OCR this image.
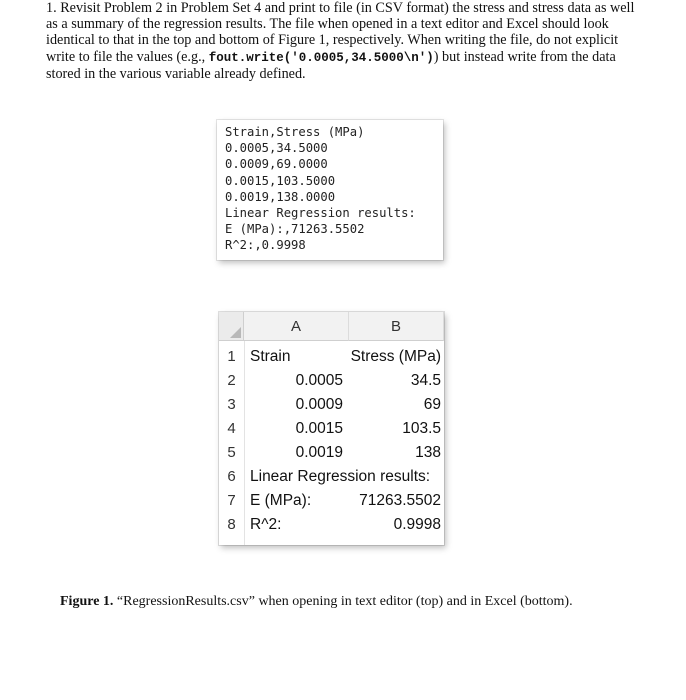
1. Revisit Problem 2 in Problem Set 4 and print to file (in CSV format) the stress and stress data as well as a summary of the regression results. The file when opened in a text editor and Excel should look identical to that in the top and bottom of Figure 1, respectively. When writing the file, do not explicit write to file the values (e.g., fout.write('0.0005,34.5000\n')) but instead write from the data stored in the various variable already defined.
Strain,Stress (MPa)
0.0005,34.5000
0.0009,69.0000
0.0015,103.5000
0.0019,138.0000
Linear Regression results:
E (MPa):,71263.5502
R^2:,0.9998
A	B
1 Strain	Stress (MPa)
2	0.0005	34.5
3	0.0009	69
4	0.0015	103.5
5	0.0019	138
6 Linear Regression results:
7 E (MPa):	71263.5502
8 R^2:	0.9998
Figure 1. “RegressionResults.csv” when opening in text editor (top) and in Excel (bottom).
